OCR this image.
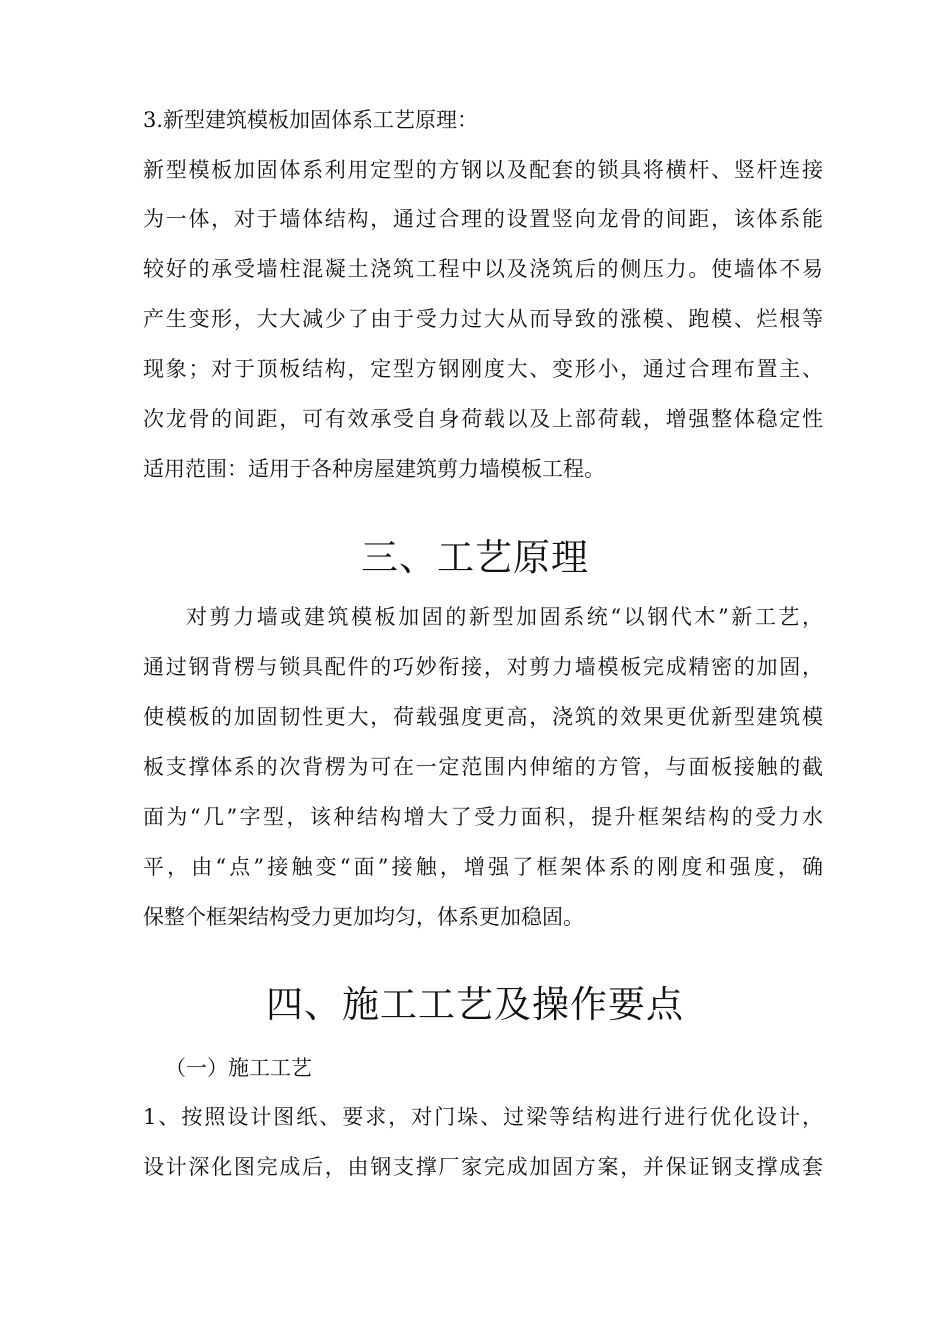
3.新型建筑模板加固体系工艺原理：
新型模板加固体系利用定型的方钢以及配套的锁具将横杆、竖杆连接
为一体，对于墙体结构，通过合理的设置竖向龙骨的间距，该体系能
较好的承受墙柱混凝土浇筑工程中以及浇筑后的侧压力。使墙体不易
产生变形，大大减少了由于受力过大从而导致的涨模、跑模、烂根等
现象；对于顶板结构，定型方钢刚度大、变形小，通过合理布置主、
次龙骨的间距，可有效承受自身荷载以及上部荷载，增强整体稳定性
适用范围：适用于各种房屋建筑剪力墙模板工程。
三、工艺原理
对剪力墙或建筑模板加固的新型加固系统“以钢代木”新工艺，
通过钢背楞与锁具配件的巧妙衔接，对剪力墙模板完成精密的加固，
使模板的加固韧性更大，荷载强度更高，浇筑的效果更优新型建筑模
板支撑体系的次背楞为可在一定范围内伸缩的方管，与面板接触的截
面为“几”字型，该种结构增大了受力面积，提升框架结构的受力水
平，由“点”接触变“面”接触，增强了框架体系的刚度和强度，确
保整个框架结构受力更加均匀，体系更加稳固。
四、施工工艺及操作要点
（一）施工工艺
1、按照设计图纸、要求，对门垛、过梁等结构进行进行优化设计，
设计深化图完成后，由钢支撑厂家完成加固方案，并保证钢支撑成套
